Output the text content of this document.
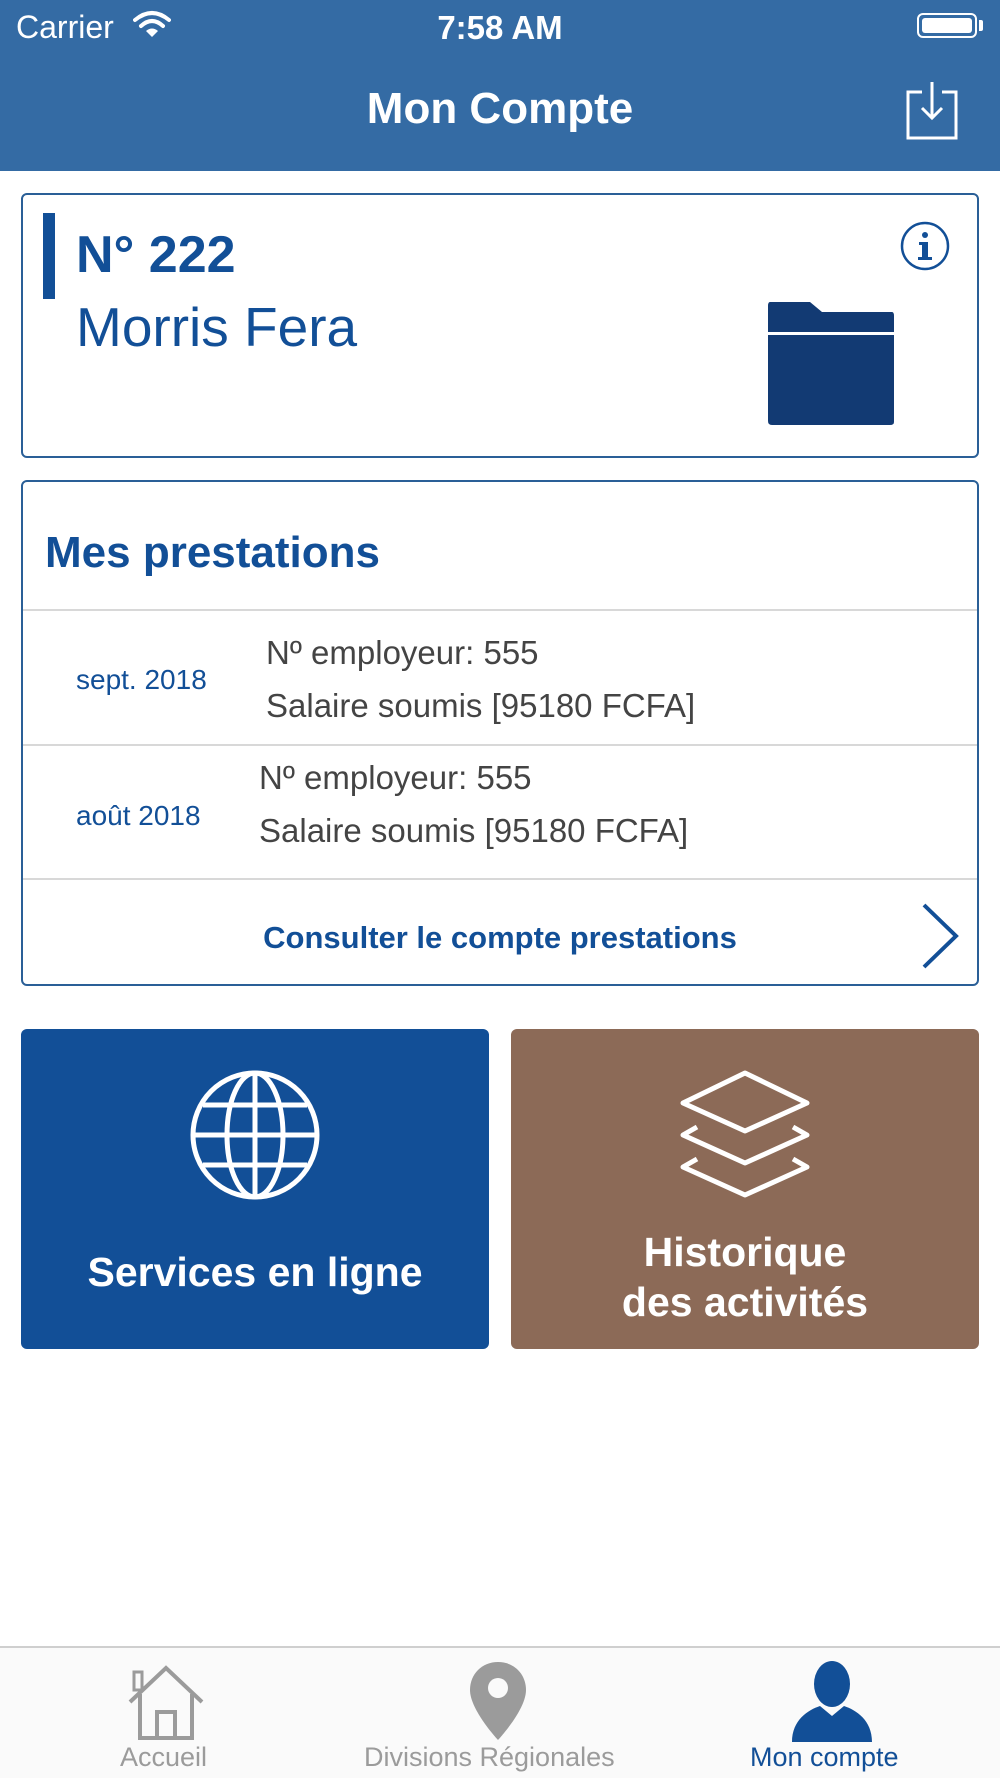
Carrier	7:58 AM
Mon Compte
N° 222
Morris Fera
Mes prestations
sept. 2018
Nº employeur: 555
Salaire soumis [95180 FCFA]
août 2018
Nº employeur: 555
Salaire soumis [95180 FCFA]
Consulter le compte prestations
Services en ligne	Historique
des activités
Accueil	Divisions Régionales	Mon compte
